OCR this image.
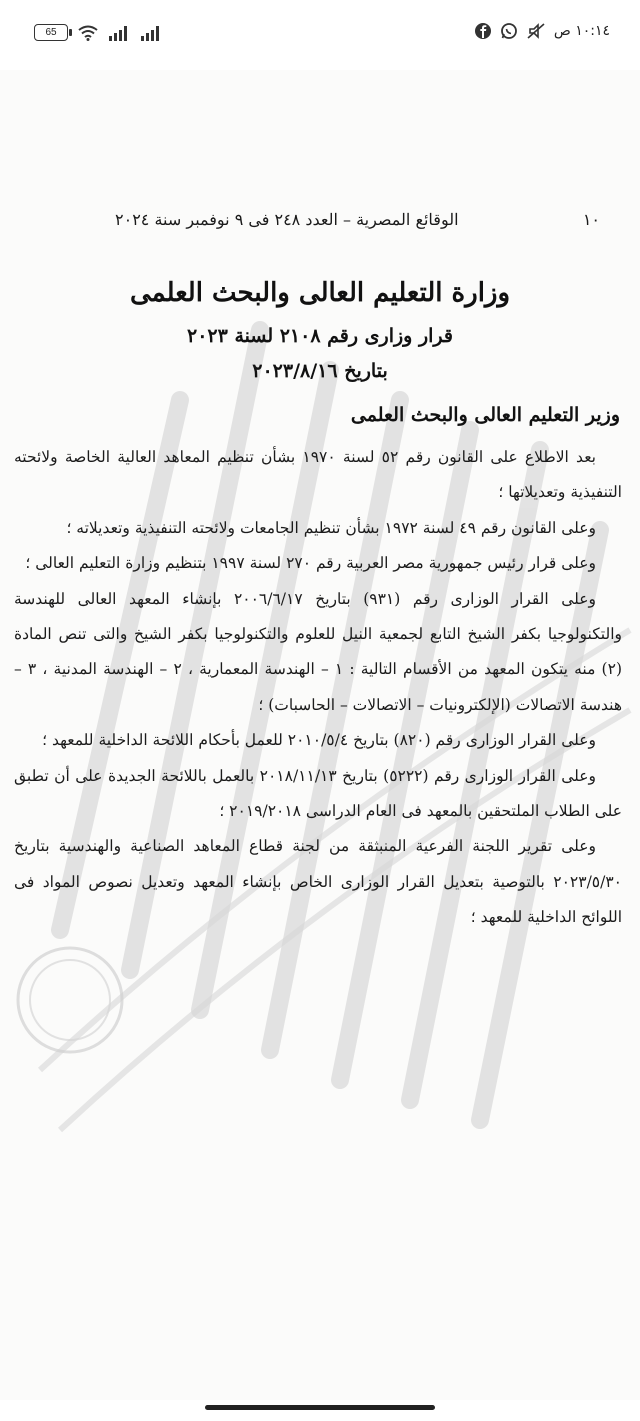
65	١٠:١٤ ص
١٠
الوقائع المصرية – العدد ٢٤٨ فى ٩ نوفمبر سنة ٢٠٢٤
وزارة التعليم العالى والبحث العلمى
قرار وزارى رقم ٢١٠٨ لسنة ٢٠٢٣
بتاريخ ٢٠٢٣/٨/١٦
وزير التعليم العالى والبحث العلمى

بعد الاطلاع على القانون رقم ٥٢ لسنة ١٩٧٠ بشأن تنظيم المعاهد العالية الخاصة ولائحته التنفيذية وتعديلاتها ؛

وعلى القانون رقم ٤٩ لسنة ١٩٧٢ بشأن تنظيم الجامعات ولائحته التنفيذية وتعديلاته ؛

وعلى قرار رئيس جمهورية مصر العربية رقم ٢٧٠ لسنة ١٩٩٧ بتنظيم وزارة التعليم العالى ؛

وعلى القرار الوزارى رقم (٩٣١) بتاريخ ٢٠٠٦/٦/١٧ بإنشاء المعهد العالى للهندسة والتكنولوجيا بكفر الشيخ التابع لجمعية النيل للعلوم والتكنولوجيا بكفر الشيخ والتى تنص المادة (٢) منه يتكون المعهد من الأقسام التالية : ١ – الهندسة المعمارية ، ٢ – الهندسة المدنية ، ٣ – هندسة الاتصالات (الإلكترونيات – الاتصالات – الحاسبات) ؛

وعلى القرار الوزارى رقم (٨٢٠) بتاريخ ٢٠١٠/٥/٤ للعمل بأحكام اللائحة الداخلية للمعهد ؛

وعلى القرار الوزارى رقم (٥٢٢٢) بتاريخ ٢٠١٨/١١/١٣ بالعمل باللائحة الجديدة على أن تطبق على الطلاب الملتحقين بالمعهد فى العام الدراسى ٢٠١٩/٢٠١٨ ؛

وعلى تقرير اللجنة الفرعية المنبثقة من لجنة قطاع المعاهد الصناعية والهندسية بتاريخ ٢٠٢٣/٥/٣٠ بالتوصية بتعديل القرار الوزارى الخاص بإنشاء المعهد وتعديل نصوص المواد فى اللوائح الداخلية للمعهد ؛
